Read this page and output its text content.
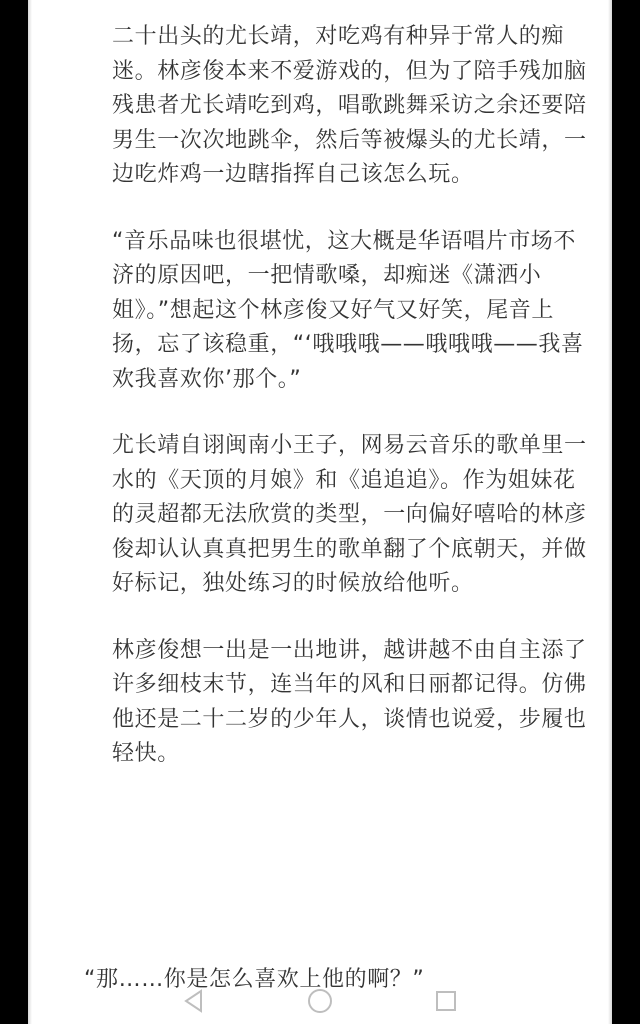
二十出头的尤长靖，对吃鸡有种异于常人的痴迷。林彦俊本来不爱游戏的，但为了陪手残加脑残患者尤长靖吃到鸡，唱歌跳舞采访之余还要陪男生一次次地跳伞，然后等被爆头的尤长靖，一边吃炸鸡一边瞎指挥自己该怎么玩。

“音乐品味也很堪忧，这大概是华语唱片市场不济的原因吧，一把情歌嗓，却痴迷《潇洒小姐》。”想起这个林彦俊又好气又好笑，尾音上扬，忘了该稳重，“‘哦哦哦——哦哦哦——我喜欢我喜欢你’那个。”

尤长靖自诩闽南小王子，网易云音乐的歌单里一水的《天顶的月娘》和《追追追》。作为姐妹花的灵超都无法欣赏的类型，一向偏好嘻哈的林彦俊却认认真真把男生的歌单翻了个底朝天，并做好标记，独处练习的时候放给他听。

林彦俊想一出是一出地讲，越讲越不由自主添了许多细枝末节，连当年的风和日丽都记得。仿佛他还是二十二岁的少年人，谈情也说爱，步履也轻快。

“那……你是怎么喜欢上他的啊？”
